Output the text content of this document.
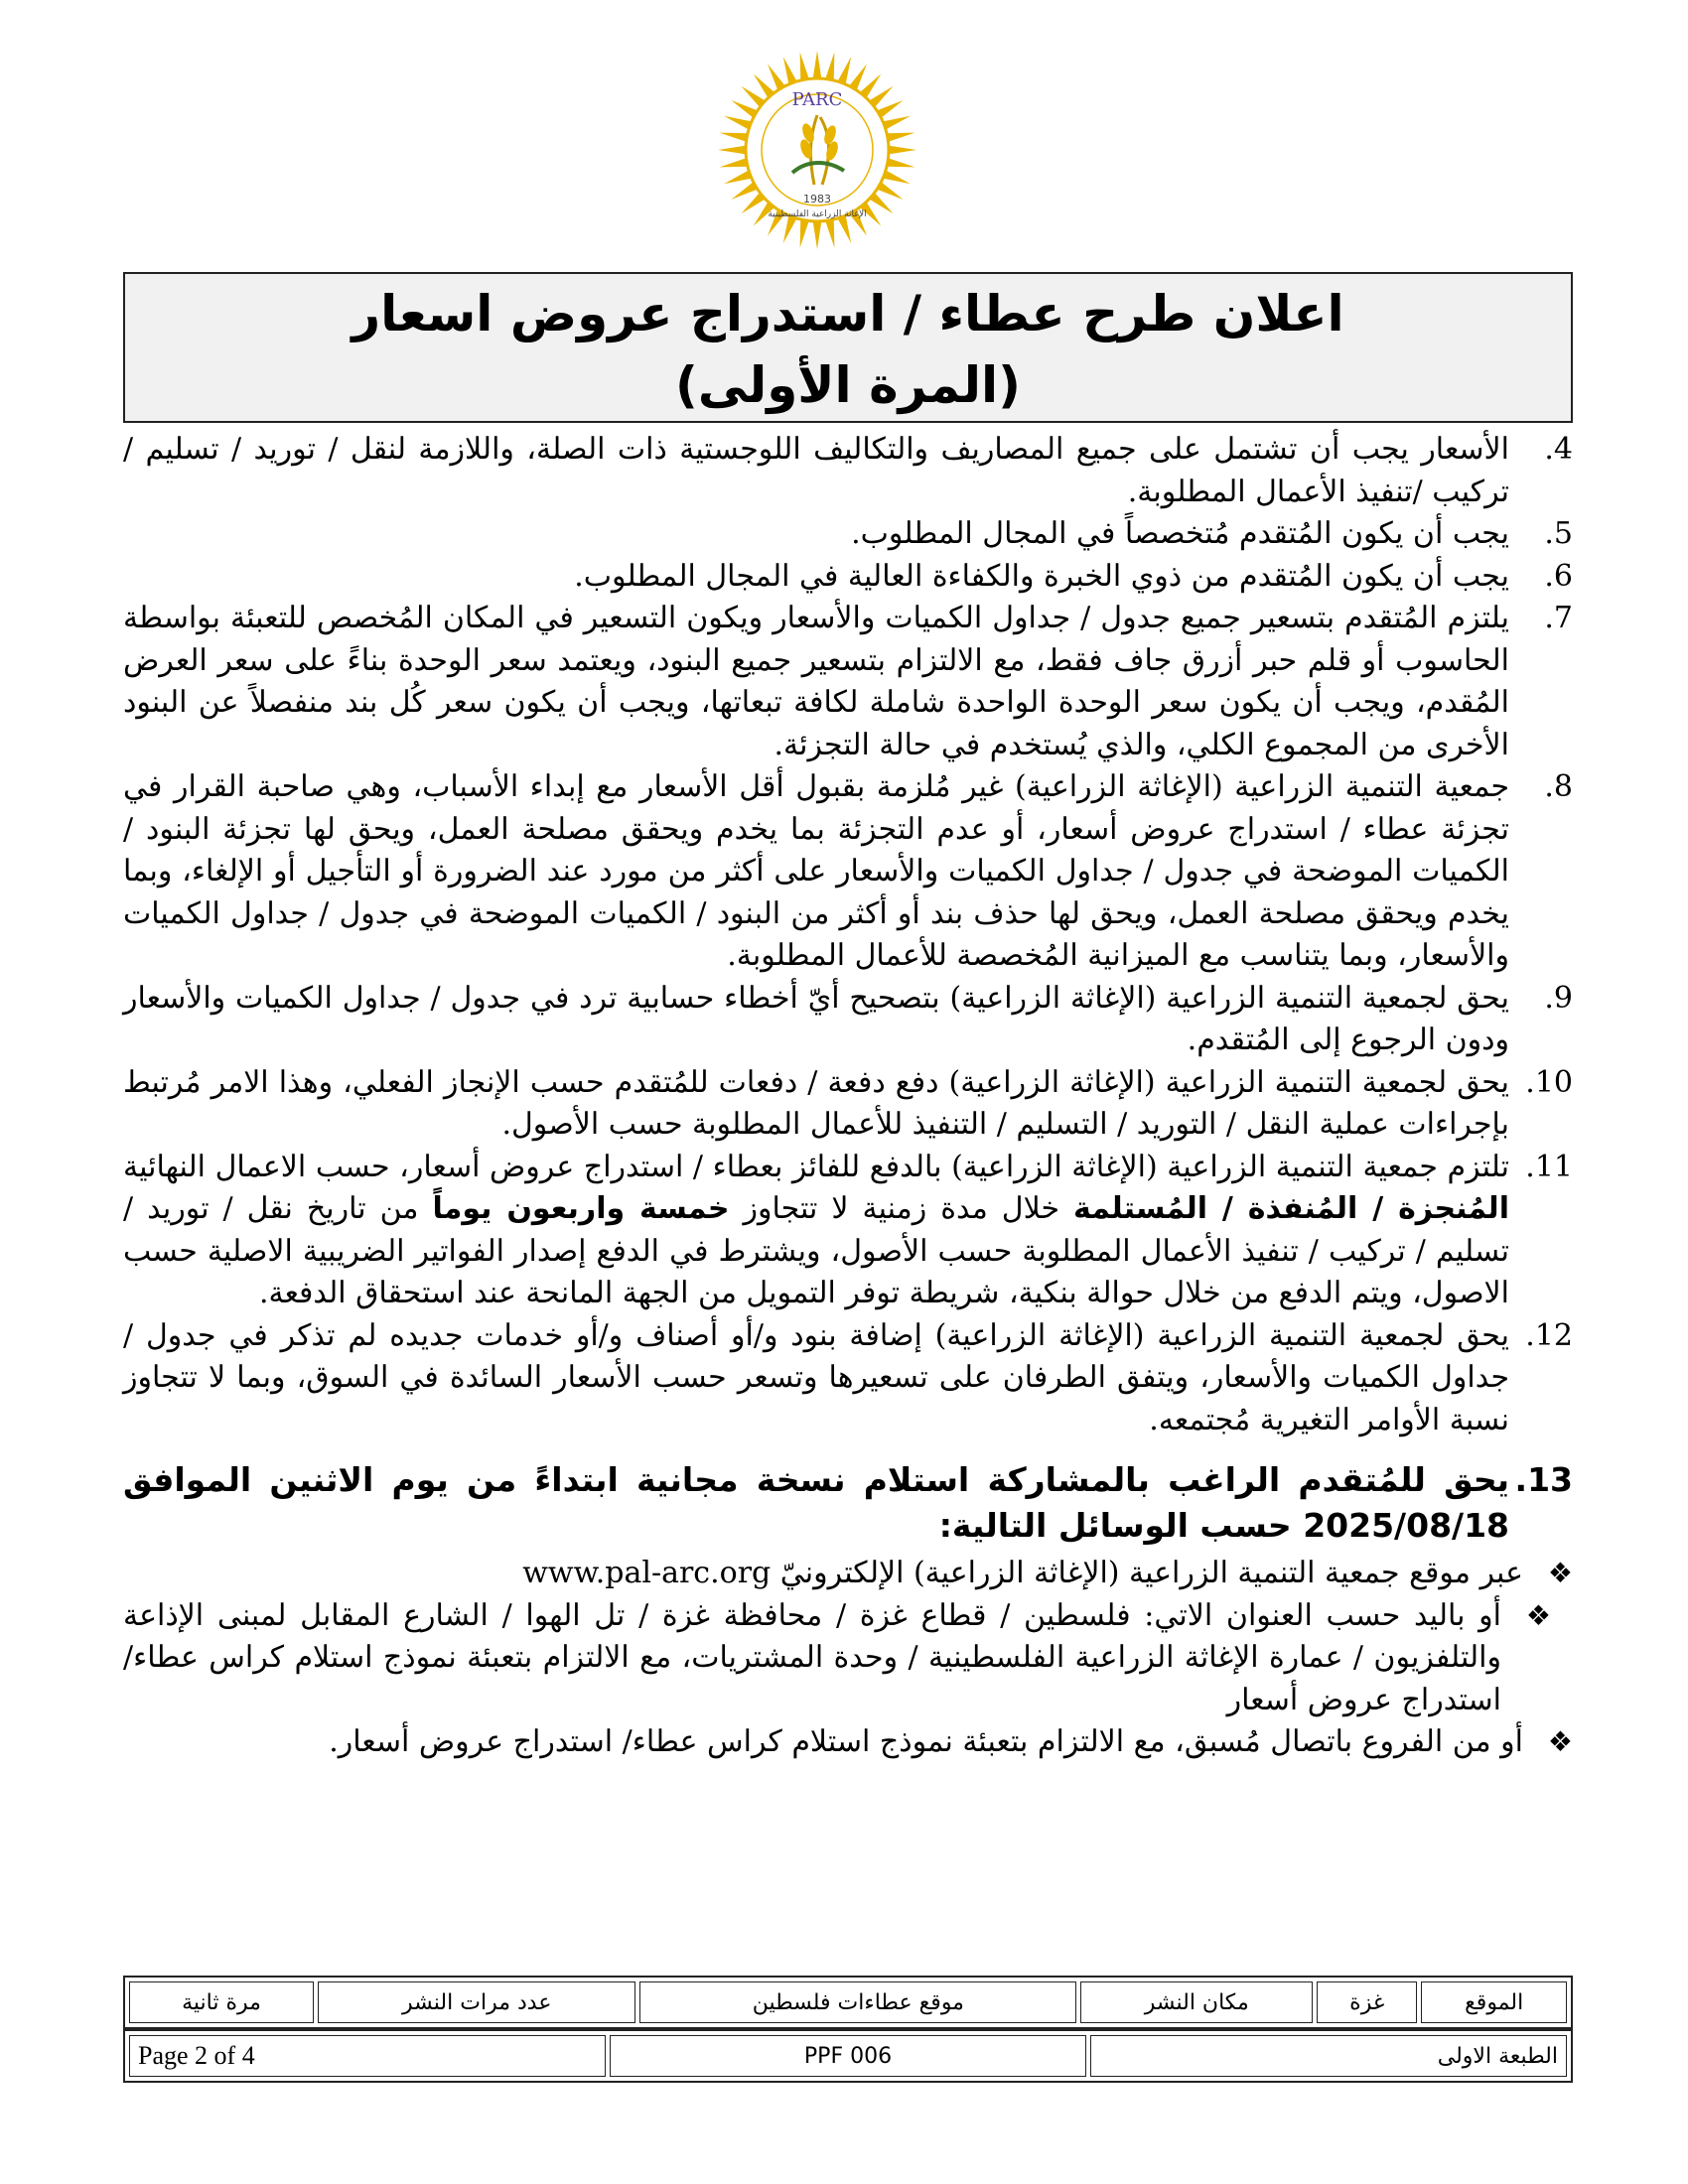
PARC
1983
الإغاثة الزراعية الفلسطينية
اعلان طرح عطاء / استدراج عروض اسعار
(المرة الأولى)
4.
الأسعار يجب أن تشتمل على جميع المصاريف والتكاليف اللوجستية ذات الصلة، واللازمة لنقل / توريد / تسليم / تركيب /تنفيذ الأعمال المطلوبة.
5.
يجب أن يكون المُتقدم مُتخصصاً في المجال المطلوب.
6.
يجب أن يكون المُتقدم من ذوي الخبرة والكفاءة العالية في المجال المطلوب.
7.
يلتزم المُتقدم بتسعير جميع جدول / جداول الكميات والأسعار ويكون التسعير في المكان المُخصص للتعبئة بواسطة الحاسوب أو قلم حبر أزرق جاف فقط، مع الالتزام بتسعير جميع البنود، ويعتمد سعر الوحدة بناءً على سعر العرض المُقدم، ويجب أن يكون سعر الوحدة الواحدة شاملة لكافة تبعاتها، ويجب أن يكون سعر كُل بند منفصلاً عن البنود الأخرى من المجموع الكلي، والذي يُستخدم في حالة التجزئة.
8.
جمعية التنمية الزراعية (الإغاثة الزراعية) غير مُلزمة بقبول أقل الأسعار مع إبداء الأسباب، وهي صاحبة القرار في تجزئة عطاء / استدراج عروض أسعار، أو عدم التجزئة بما يخدم ويحقق مصلحة العمل، ويحق لها تجزئة البنود / الكميات الموضحة في جدول / جداول الكميات والأسعار على أكثر من مورد عند الضرورة أو التأجيل أو الإلغاء، وبما يخدم ويحقق مصلحة العمل، ويحق لها حذف بند أو أكثر من البنود / الكميات الموضحة في جدول / جداول الكميات والأسعار، وبما يتناسب مع الميزانية المُخصصة للأعمال المطلوبة.
9.
يحق لجمعية التنمية الزراعية (الإغاثة الزراعية) بتصحيح أيّ أخطاء حسابية ترد في جدول / جداول الكميات والأسعار ودون الرجوع إلى المُتقدم.
10.
يحق لجمعية التنمية الزراعية (الإغاثة الزراعية) دفع دفعة / دفعات للمُتقدم حسب الإنجاز الفعلي، وهذا الامر مُرتبط بإجراءات عملية النقل / التوريد / التسليم / التنفيذ للأعمال المطلوبة حسب الأصول.
11.
تلتزم جمعية التنمية الزراعية (الإغاثة الزراعية) بالدفع للفائز بعطاء / استدراج عروض أسعار، حسب الاعمال النهائية المُنجزة / المُنفذة / المُستلمة خلال مدة زمنية لا تتجاوز خمسة واربعون يوماً من تاريخ نقل / توريد / تسليم / تركيب / تنفيذ الأعمال المطلوبة حسب الأصول، ويشترط في الدفع إصدار الفواتير الضريبية الاصلية حسب الاصول، ويتم الدفع من خلال حوالة بنكية، شريطة توفر التمويل من الجهة المانحة عند استحقاق الدفعة.
12.
يحق لجمعية التنمية الزراعية (الإغاثة الزراعية) إضافة بنود و/أو أصناف و/أو خدمات جديده لم تذكر في جدول / جداول الكميات والأسعار، ويتفق الطرفان على تسعيرها وتسعر حسب الأسعار السائدة في السوق، وبما لا تتجاوز نسبة الأوامر التغيرية مُجتمعه.
13.
يحق للمُتقدم الراغب بالمشاركة استلام نسخة مجانية ابتداءً من يوم الاثنين الموافق 2025/08/18 حسب الوسائل التالية:
❖
عبر موقع جمعية التنمية الزراعية (الإغاثة الزراعية) الإلكترونيّ www.pal-arc.org
❖
أو باليد حسب العنوان الاتي: فلسطين / قطاع غزة / محافظة غزة / تل الهوا / الشارع المقابل لمبنى الإذاعة والتلفزيون / عمارة الإغاثة الزراعية الفلسطينية / وحدة المشتريات، مع الالتزام بتعبئة نموذج استلام كراس عطاء/ استدراج عروض أسعار
❖
أو من الفروع باتصال مُسبق، مع الالتزام بتعبئة نموذج استلام كراس عطاء/ استدراج عروض أسعار.
الموقع	غزة	مكان النشر	موقع عطاءات فلسطين	عدد مرات النشر	مرة ثانية
الطبعة الاولى	PPF 006	Page 2 of 4
